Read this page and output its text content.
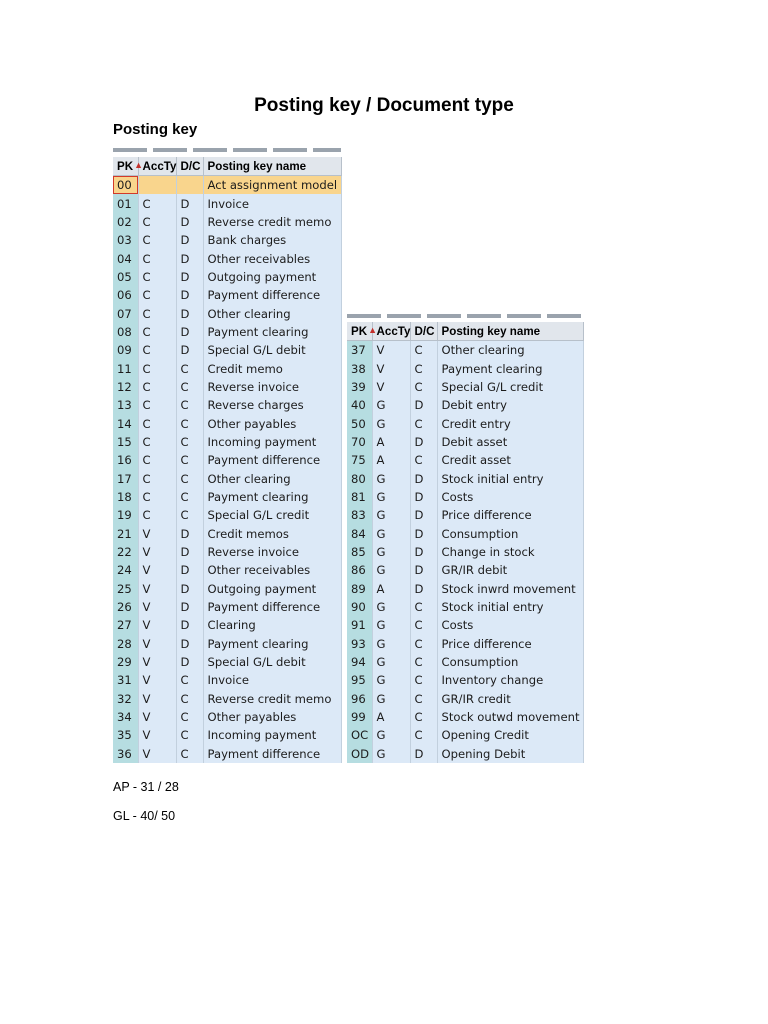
Posting key / Document type
Posting key
PK▲	AccTy	D/C	Posting key name
00			Act assignment model
01	C	D	Invoice
02	C	D	Reverse credit memo
03	C	D	Bank charges
04	C	D	Other receivables
05	C	D	Outgoing payment
06	C	D	Payment difference
07	C	D	Other clearing
08	C	D	Payment clearing
09	C	D	Special G/L debit
11	C	C	Credit memo
12	C	C	Reverse invoice
13	C	C	Reverse charges
14	C	C	Other payables
15	C	C	Incoming payment
16	C	C	Payment difference
17	C	C	Other clearing
18	C	C	Payment clearing
19	C	C	Special G/L credit
21	V	D	Credit memos
22	V	D	Reverse invoice
24	V	D	Other receivables
25	V	D	Outgoing payment
26	V	D	Payment difference
27	V	D	Clearing
28	V	D	Payment clearing
29	V	D	Special G/L debit
31	V	C	Invoice
32	V	C	Reverse credit memo
34	V	C	Other payables
35	V	C	Incoming payment
36	V	C	Payment difference
PK▲	AccTy	D/C	Posting key name
37	V	C	Other clearing
38	V	C	Payment clearing
39	V	C	Special G/L credit
40	G	D	Debit entry
50	G	C	Credit entry
70	A	D	Debit asset
75	A	C	Credit asset
80	G	D	Stock initial entry
81	G	D	Costs
83	G	D	Price difference
84	G	D	Consumption
85	G	D	Change in stock
86	G	D	GR/IR debit
89	A	D	Stock inwrd movement
90	G	C	Stock initial entry
91	G	C	Costs
93	G	C	Price difference
94	G	C	Consumption
95	G	C	Inventory change
96	G	C	GR/IR credit
99	A	C	Stock outwd movement
OC	G	C	Opening Credit
OD	G	D	Opening Debit
AP - 31 / 28
GL - 40/ 50
